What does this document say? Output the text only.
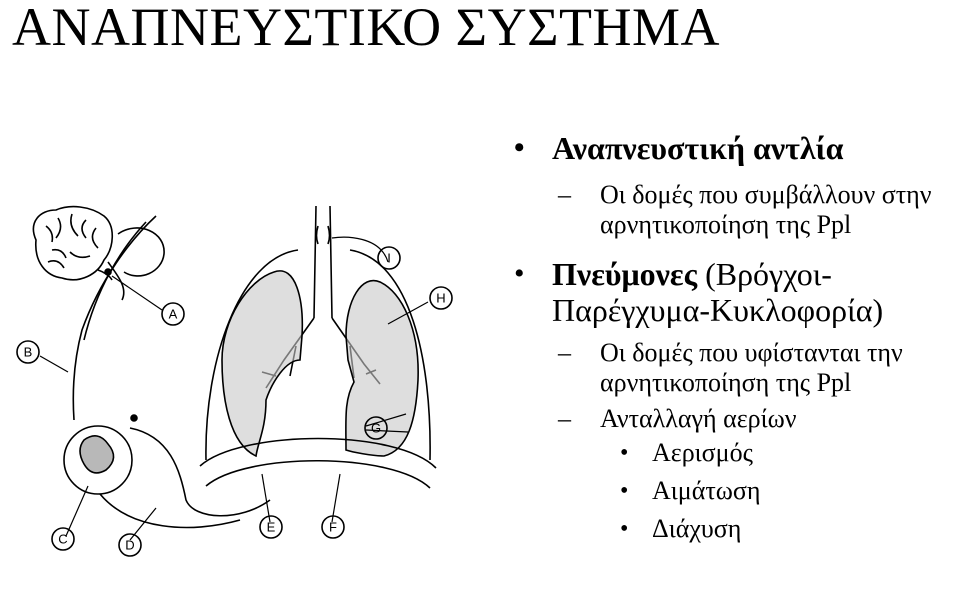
ΑΝΑΠΝΕΥΣΤΙΚΟ ΣΥΣΤΗΜΑ
A
B
C	D
E	F
G
H
I
• Αναπνευστική αντλία
– Οι δομές που συμβάλλουν στην αρνητικοποίηση της Ppl
• Πνεύμονες (Βρόγχοι-Παρέγχυμα-Κυκλοφορία)
– Οι δομές που υφίστανται την αρνητικοποίηση της Ppl
– Ανταλλαγή αερίων
• Αερισμός
• Αιμάτωση
• Διάχυση
